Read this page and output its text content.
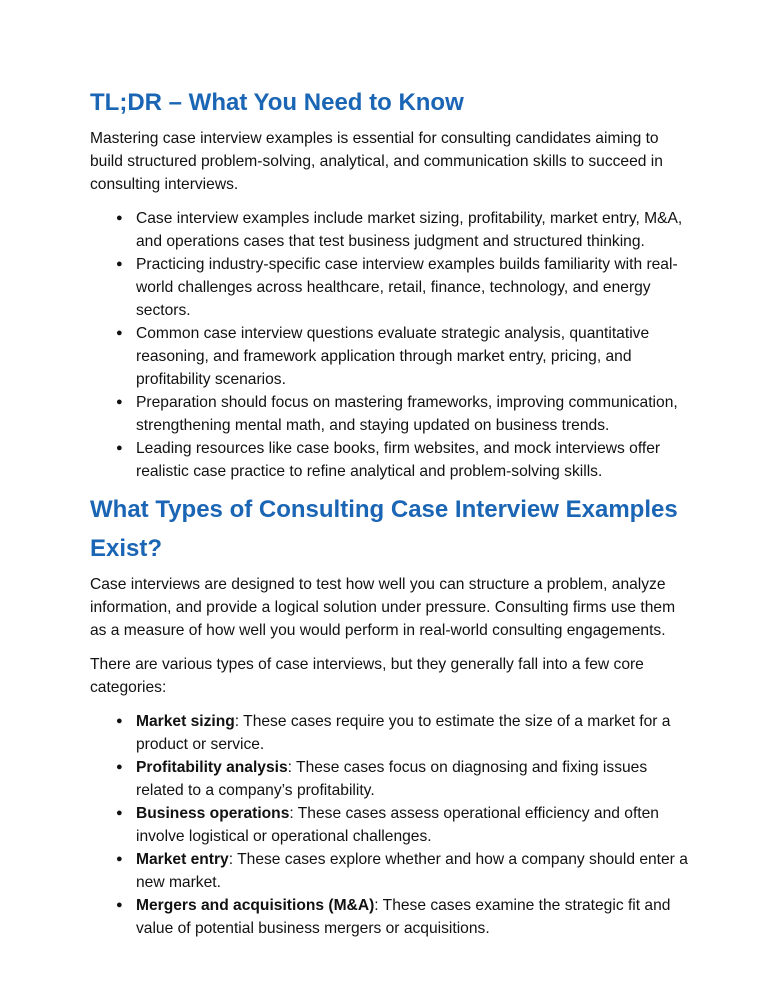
TL;DR – What You Need to Know

Mastering case interview examples is essential for consulting candidates aiming to build structured problem-solving, analytical, and communication skills to succeed in consulting interviews.

● Case interview examples include market sizing, profitability, market entry, M&A, and operations cases that test business judgment and structured thinking.
● Practicing industry-specific case interview examples builds familiarity with real-world challenges across healthcare, retail, finance, technology, and energy sectors.
● Common case interview questions evaluate strategic analysis, quantitative reasoning, and framework application through market entry, pricing, and profitability scenarios.
● Preparation should focus on mastering frameworks, improving communication, strengthening mental math, and staying updated on business trends.
● Leading resources like case books, firm websites, and mock interviews offer realistic case practice to refine analytical and problem-solving skills.
What Types of Consulting Case Interview Examples Exist?

Case interviews are designed to test how well you can structure a problem, analyze information, and provide a logical solution under pressure. Consulting firms use them as a measure of how well you would perform in real-world consulting engagements.

There are various types of case interviews, but they generally fall into a few core categories:

● Market sizing: These cases require you to estimate the size of a market for a product or service.
● Profitability analysis: These cases focus on diagnosing and fixing issues related to a company’s profitability.
● Business operations: These cases assess operational efficiency and often involve logistical or operational challenges.
● Market entry: These cases explore whether and how a company should enter a new market.
● Mergers and acquisitions (M&A): These cases examine the strategic fit and value of potential business mergers or acquisitions.
